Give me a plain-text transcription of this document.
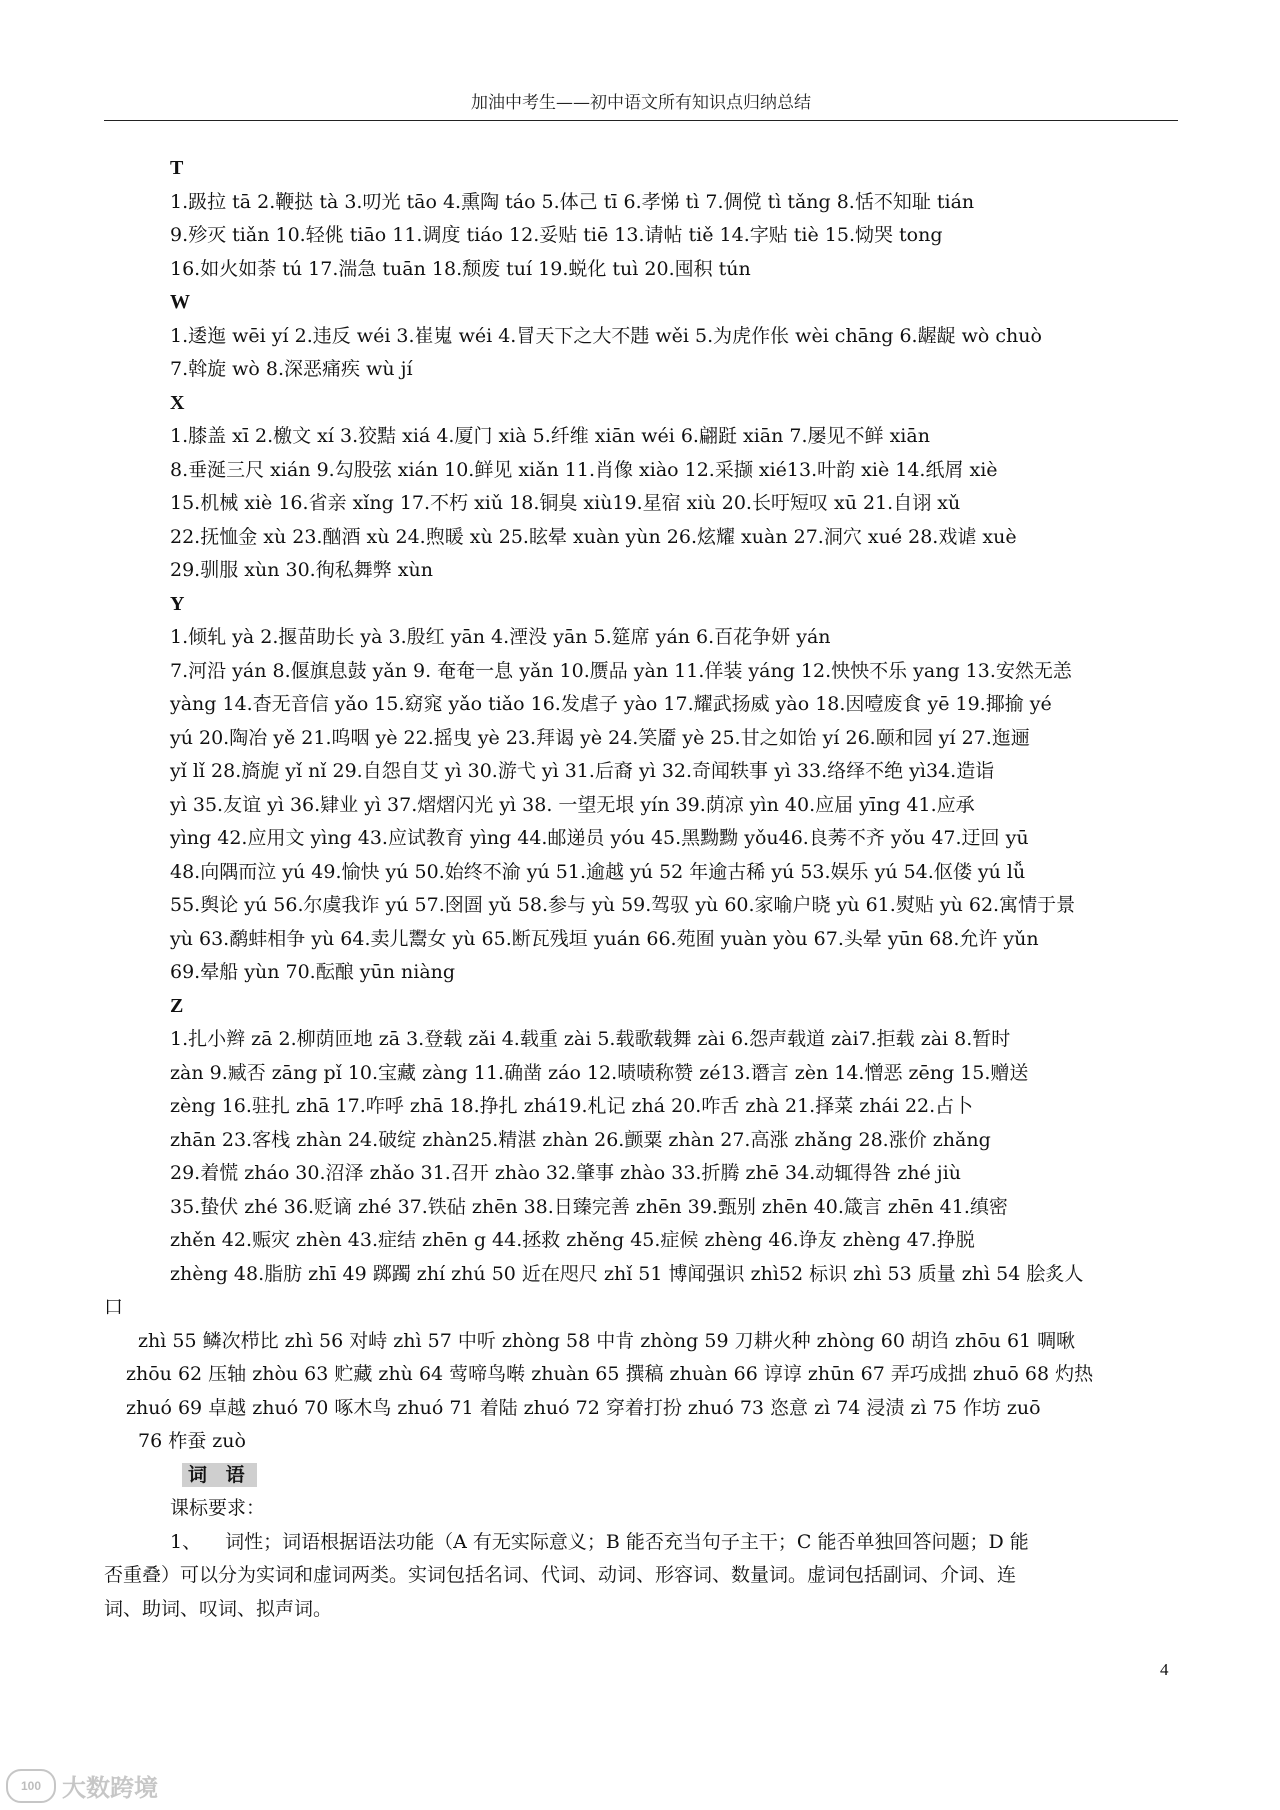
加油中考生——初中语文所有知识点归纳总结
T
1.趿拉 tā 2.鞭挞 tà 3.叨光 tāo 4.熏陶 táo 5.体己 tī 6.孝悌 tì 7.倜傥 tì tǎng 8.恬不知耻 tián
9.殄灭 tiǎn 10.轻佻 tiāo 11.调度 tiáo 12.妥贴 tiē 13.请帖 tiě 14.字贴 tiè 15.恸哭 tong
16.如火如荼 tú 17.湍急 tuān 18.颓废 tuí 19.蜕化 tuì 20.囤积 tún
W
1.逶迤 wēi yí 2.违反 wéi 3.崔嵬 wéi 4.冒天下之大不韪 wěi 5.为虎作伥 wèi chāng 6.龌龊 wò chuò
7.斡旋 wò 8.深恶痛疾 wù jí
X
1.膝盖 xī 2.檄文 xí 3.狡黠 xiá 4.厦门 xià 5.纤维 xiān wéi 6.翩跹 xiān 7.屡见不鲜 xiān
8.垂涎三尺 xián 9.勾股弦 xián 10.鲜见 xiǎn 11.肖像 xiào 12.采撷 xié13.叶韵 xiè 14.纸屑 xiè
15.机械 xiè 16.省亲 xǐng 17.不朽 xiǔ 18.铜臭 xiù19.星宿 xiù 20.长吁短叹 xū 21.自诩 xǔ
22.抚恤金 xù 23.酗酒 xù 24.煦暖 xù 25.眩晕 xuàn yùn 26.炫耀 xuàn 27.洞穴 xué 28.戏谑 xuè
29.驯服 xùn 30.徇私舞弊 xùn
Y
1.倾轧 yà 2.揠苗助长 yà 3.殷红 yān 4.湮没 yān 5.筵席 yán 6.百花争妍 yán
7.河沿 yán 8.偃旗息鼓 yǎn 9. 奄奄一息 yǎn 10.赝品 yàn 11.佯装 yáng 12.怏怏不乐 yang 13.安然无恙
yàng 14.杳无音信 yǎo 15.窈窕 yǎo tiǎo 16.发虐子 yào 17.耀武扬威 yào 18.因噎废食 yē 19.揶揄 yé
yú 20.陶冶 yě 21.呜咽 yè 22.摇曳 yè 23.拜谒 yè 24.笑靥 yè 25.甘之如饴 yí 26.颐和园 yí 27.迤逦
yǐ lǐ 28.旖旎 yǐ nǐ 29.自怨自艾 yì 30.游弋 yì 31.后裔 yì 32.奇闻轶事 yì 33.络绎不绝 yì34.造诣
yì 35.友谊 yì 36.肄业 yì 37.熠熠闪光 yì 38. 一望无垠 yín 39.荫凉 yìn 40.应届 yīng 41.应承
yìng 42.应用文 yìng 43.应试教育 yìng 44.邮递员 yóu 45.黑黝黝 yǒu46.良莠不齐 yǒu 47.迂回 yū
48.向隅而泣 yú 49.愉快 yú 50.始终不渝 yú 51.逾越 yú 52 年逾古稀 yú 53.娱乐 yú 54.伛偻 yú lǚ
55.舆论 yú 56.尔虞我诈 yú 57.囹圄 yǔ 58.参与 yù 59.驾驭 yù 60.家喻户晓 yù 61.熨贴 yù 62.寓情于景
yù 63.鹬蚌相争 yù 64.卖儿鬻女 yù 65.断瓦残垣 yuán 66.苑囿 yuàn yòu 67.头晕 yūn 68.允许 yǔn
69.晕船 yùn 70.酝酿 yūn niàng
Z
1.扎小辫 zā 2.柳荫匝地 zā 3.登载 zǎi 4.载重 zài 5.载歌载舞 zài 6.怨声载道 zài7.拒载 zài 8.暂时
zàn 9.臧否 zāng pǐ 10.宝藏 zàng 11.确凿 záo 12.啧啧称赞 zé13.谮言 zèn 14.憎恶 zēng 15.赠送
zèng 16.驻扎 zhā 17.咋呼 zhā 18.挣扎 zhá19.札记 zhá 20.咋舌 zhà 21.择菜 zhái 22.占卜
zhān 23.客栈 zhàn 24.破绽 zhàn25.精湛 zhàn 26.颤粟 zhàn 27.高涨 zhǎng 28.涨价 zhǎng
29.着慌 zháo 30.沼泽 zhǎo 31.召开 zhào 32.肇事 zhào 33.折腾 zhē 34.动辄得咎 zhé jiù
35.蛰伏 zhé 36.贬谪 zhé 37.铁砧 zhēn 38.日臻完善 zhēn 39.甄别 zhēn 40.箴言 zhēn 41.缜密
zhěn 42.赈灾 zhèn 43.症结 zhēn g 44.拯救 zhěng 45.症候 zhèng 46.诤友 zhèng 47.挣脱
zhèng 48.脂肪 zhī 49 踯躅 zhí zhú 50 近在咫尺 zhǐ 51 博闻强识 zhì52 标识 zhì 53 质量 zhì 54 脍炙人
口
zhì 55 鳞次栉比 zhì 56 对峙 zhì 57 中听 zhòng 58 中肯 zhòng 59 刀耕火种 zhòng 60 胡诌 zhōu 61 啁啾
zhōu 62 压轴 zhòu 63 贮藏 zhù 64 莺啼鸟啭 zhuàn 65 撰稿 zhuàn 66 谆谆 zhūn 67 弄巧成拙 zhuō 68 灼热
zhuó 69 卓越 zhuó 70 啄木鸟 zhuó 71 着陆 zhuó 72 穿着打扮 zhuó 73 恣意 zì 74 浸渍 zì 75 作坊 zuō
76 柞蚕 zuò
词 语
课标要求：
1、 词性；词语根据语法功能（A 有无实际意义；B 能否充当句子主干；C 能否单独回答问题；D 能
否重叠）可以分为实词和虚词两类。实词包括名词、代词、动词、形容词、数量词。虚词包括副词、介词、连
词、助词、叹词、拟声词。
4
100 大数跨境
